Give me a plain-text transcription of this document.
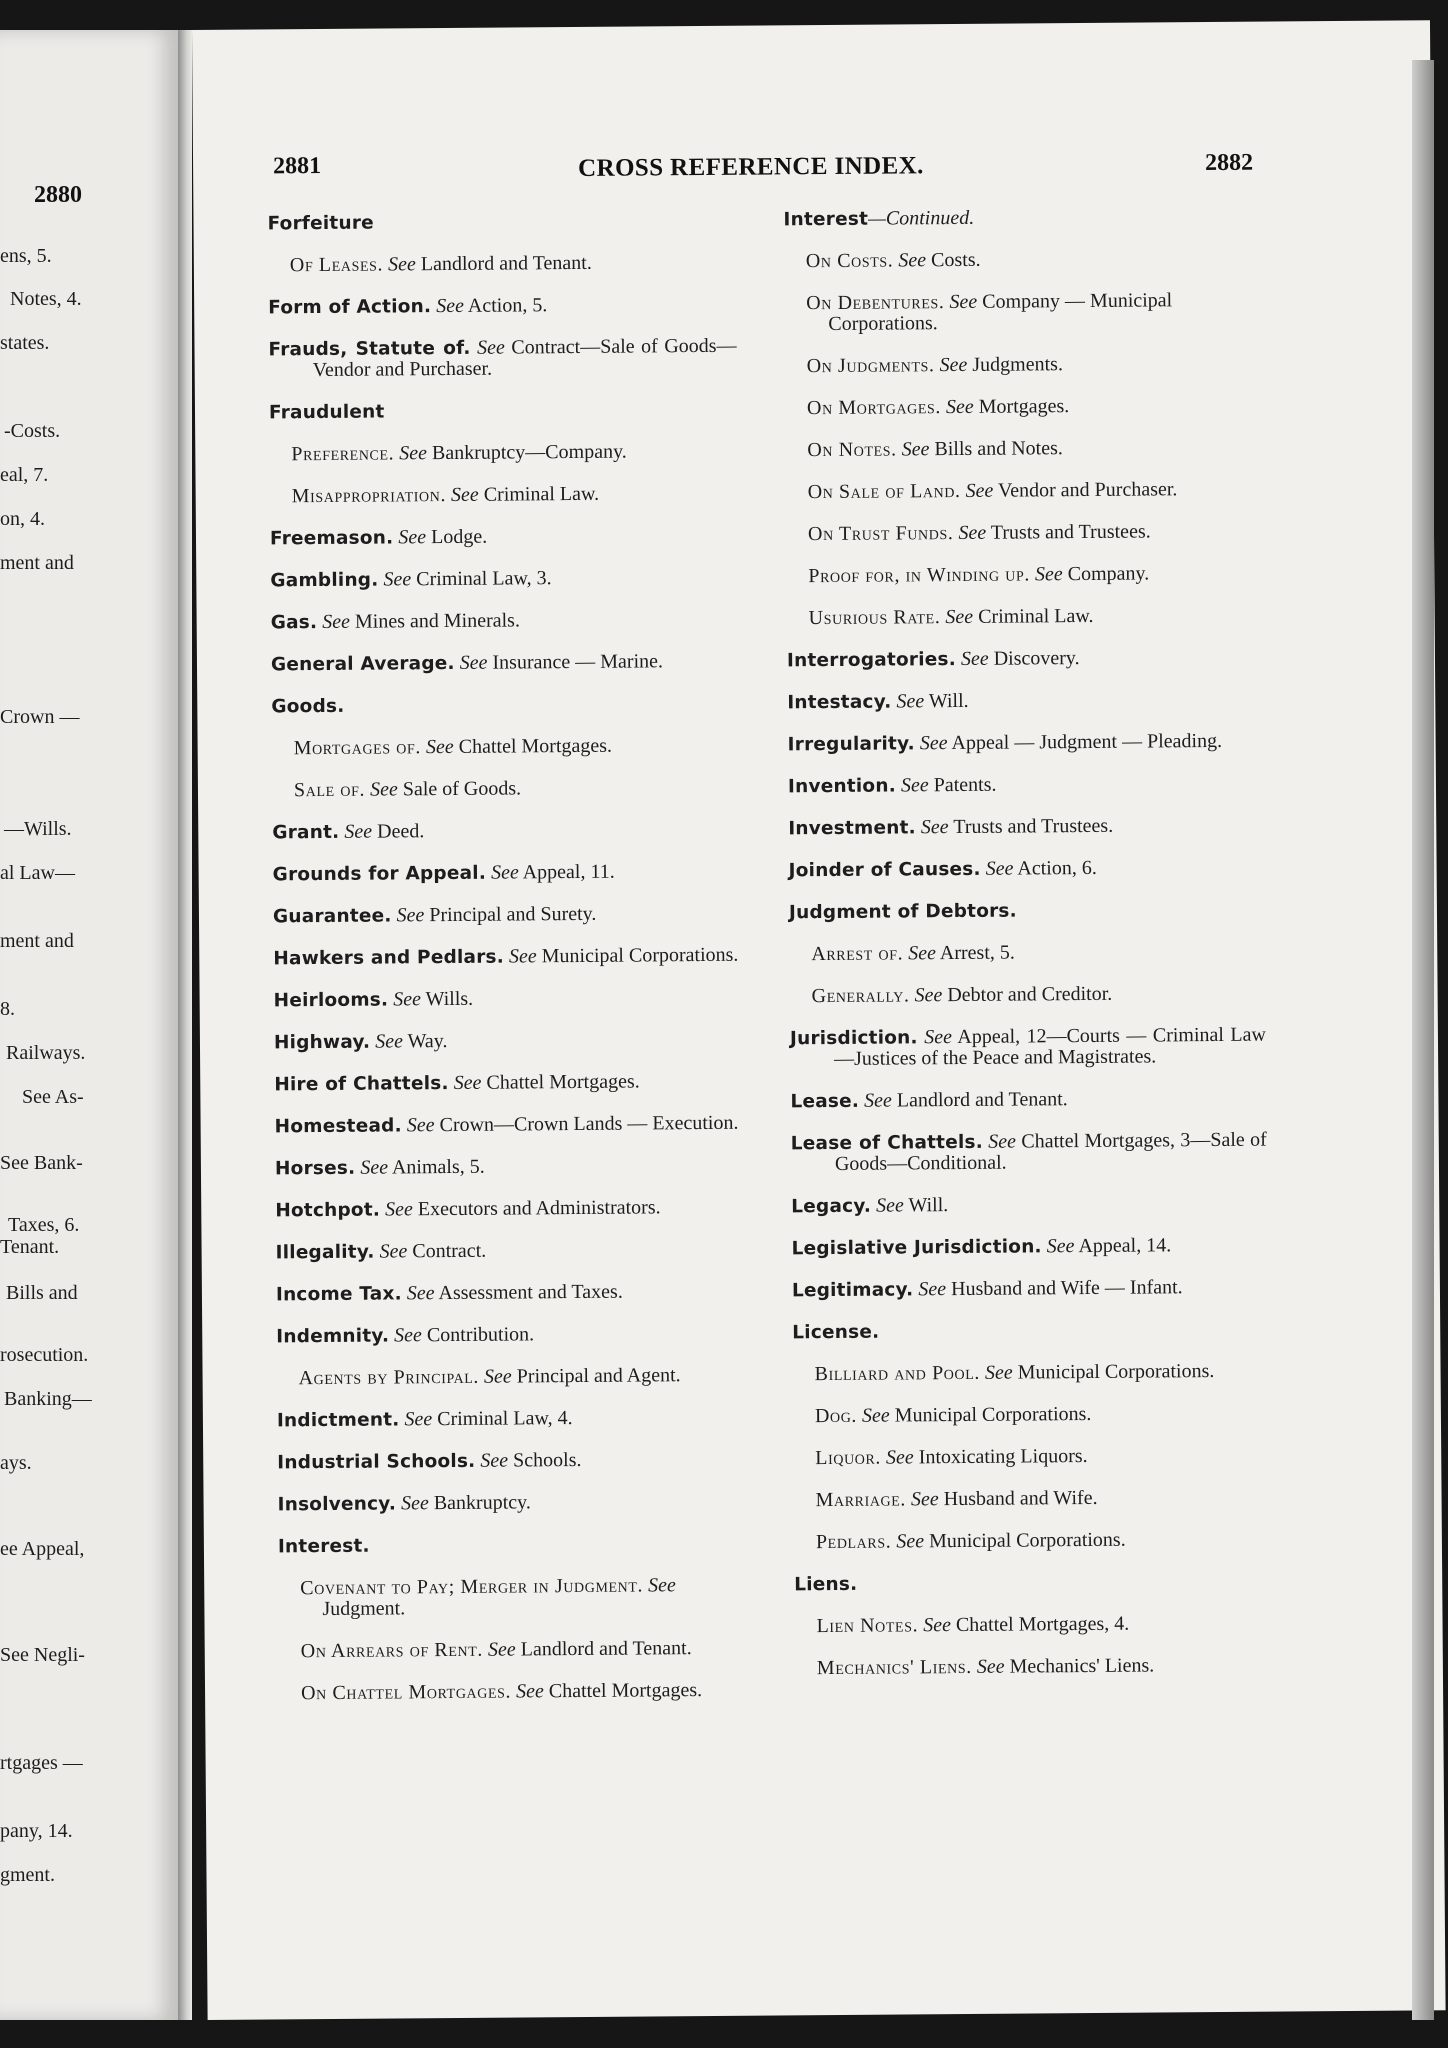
2880
ens, 5.
Notes, 4.
states.
-Costs.
eal, 7.
on, 4.
ment and
Crown —
—Wills.
al Law—
ment and
8.
Railways.
See As-
See Bank-
Taxes, 6.
Tenant.
Bills and
rosecution.
Banking—
ays.
ee Appeal,
See Negli-
rtgages —
pany, 14.
gment.
2881	CROSS REFERENCE INDEX.	2882
Forfeiture
Of Leases. See Landlord and Tenant.
Form of Action. See Action, 5.
Frauds, Statute of. See Contract—Sale of Goods—Vendor and Purchaser.
Fraudulent
Preference. See Bankruptcy—Company.
Misappropriation. See Criminal Law.
Freemason. See Lodge.
Gambling. See Criminal Law, 3.
Gas. See Mines and Minerals.
General Average. See Insurance — Marine.
Goods.
Mortgages of. See Chattel Mortgages.
Sale of. See Sale of Goods.
Grant. See Deed.
Grounds for Appeal. See Appeal, 11.
Guarantee. See Principal and Surety.
Hawkers and Pedlars. See Municipal Corporations.
Heirlooms. See Wills.
Highway. See Way.
Hire of Chattels. See Chattel Mortgages.
Homestead. See Crown—Crown Lands — Execution.
Horses. See Animals, 5.
Hotchpot. See Executors and Administrators.
Illegality. See Contract.
Income Tax. See Assessment and Taxes.
Indemnity. See Contribution.
Agents by Principal. See Principal and Agent.
Indictment. See Criminal Law, 4.
Industrial Schools. See Schools.
Insolvency. See Bankruptcy.
Interest.
Covenant to Pay; Merger in Judgment. See Judgment.
On Arrears of Rent. See Landlord and Tenant.
On Chattel Mortgages. See Chattel Mortgages.
Interest—Continued.
On Costs. See Costs.
On Debentures. See Company — Municipal Corporations.
On Judgments. See Judgments.
On Mortgages. See Mortgages.
On Notes. See Bills and Notes.
On Sale of Land. See Vendor and Purchaser.
On Trust Funds. See Trusts and Trustees.
Proof for, in Winding up. See Company.
Usurious Rate. See Criminal Law.
Interrogatories. See Discovery.
Intestacy. See Will.
Irregularity. See Appeal — Judgment — Pleading.
Invention. See Patents.
Investment. See Trusts and Trustees.
Joinder of Causes. See Action, 6.
Judgment of Debtors.
Arrest of. See Arrest, 5.
Generally. See Debtor and Creditor.
Jurisdiction. See Appeal, 12—Courts — Criminal Law—Justices of the Peace and Magistrates.
Lease. See Landlord and Tenant.
Lease of Chattels. See Chattel Mortgages, 3—Sale of Goods—Conditional.
Legacy. See Will.
Legislative Jurisdiction. See Appeal, 14.
Legitimacy. See Husband and Wife — Infant.
License.
Billiard and Pool. See Municipal Corporations.
Dog. See Municipal Corporations.
Liquor. See Intoxicating Liquors.
Marriage. See Husband and Wife.
Pedlars. See Municipal Corporations.
Liens.
Lien Notes. See Chattel Mortgages, 4.
Mechanics' Liens. See Mechanics' Liens.
